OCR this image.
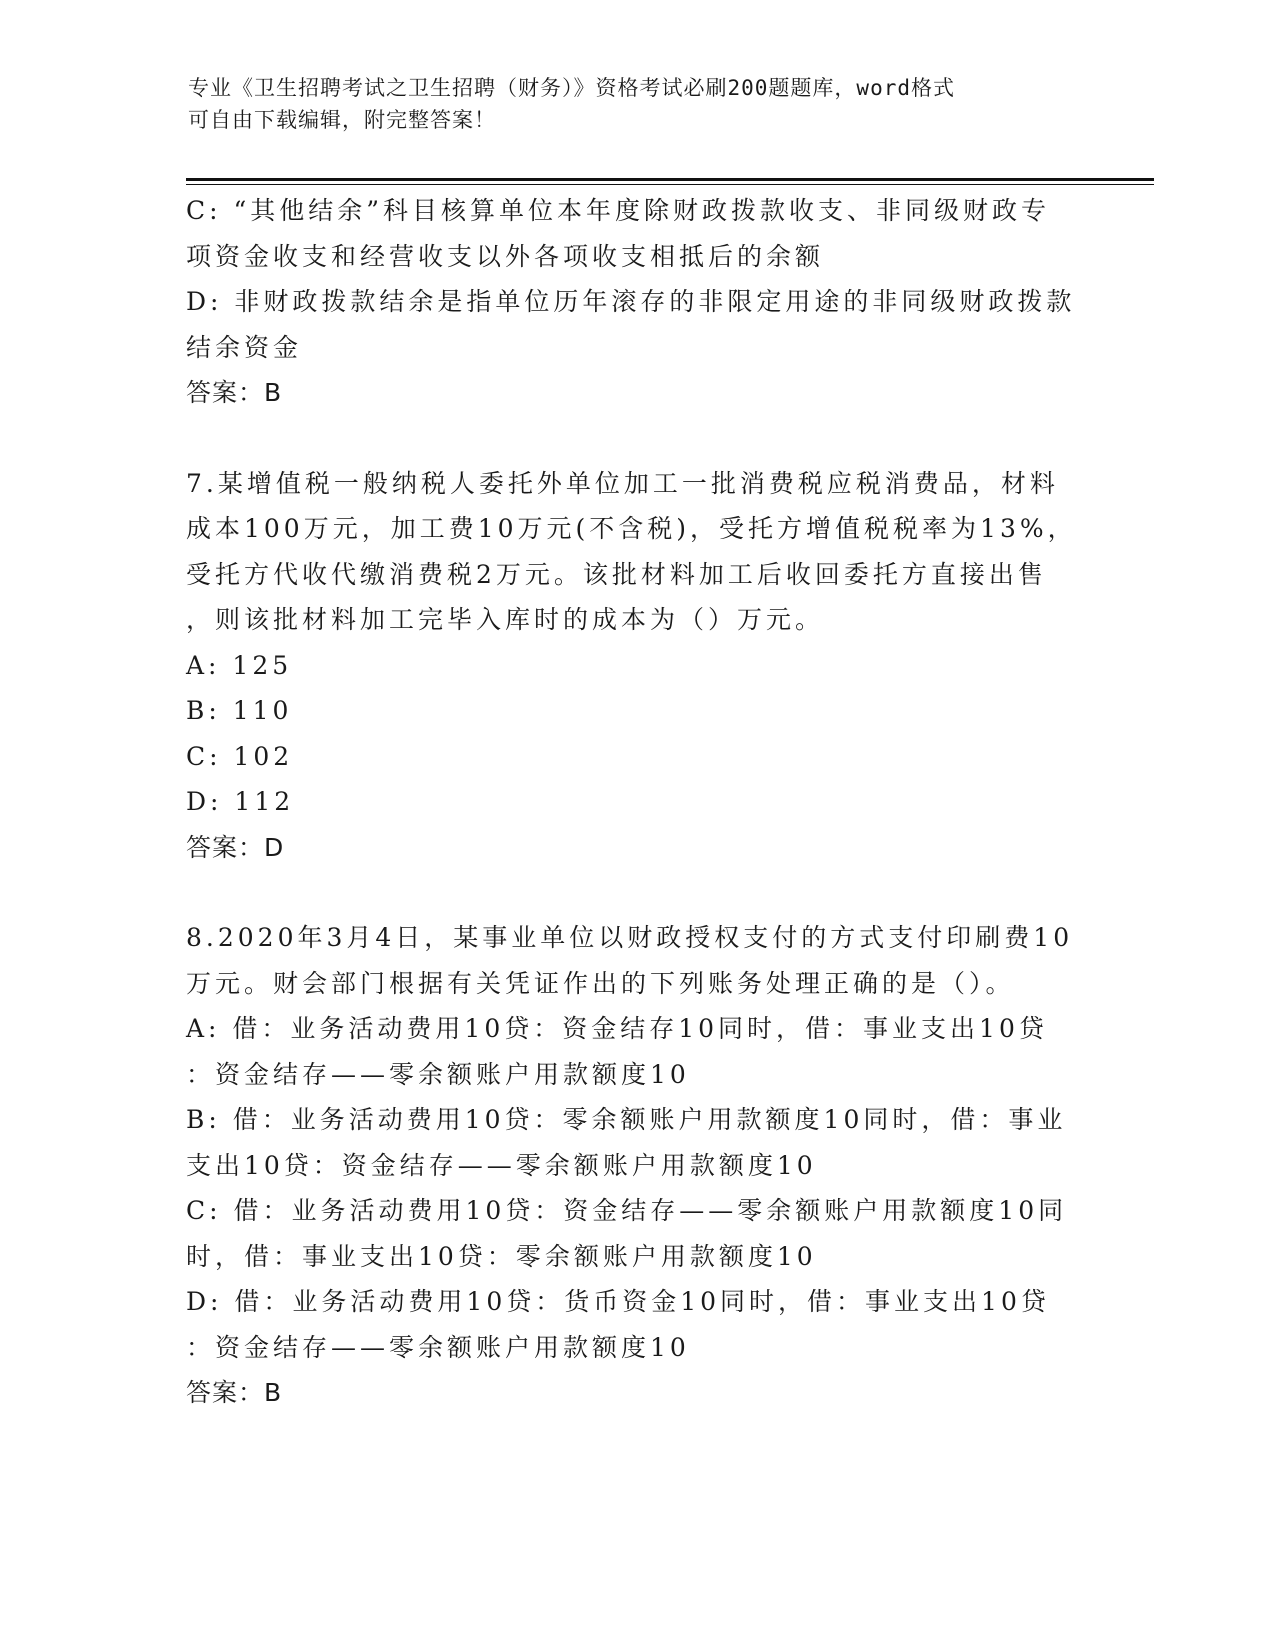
专业《卫生招聘考试之卫生招聘（财务）》资格考试必刷200题题库，word格式
可自由下载编辑，附完整答案！
C: “其他结余”科目核算单位本年度除财政拨款收支、非同级财政专
项资金收支和经营收支以外各项收支相抵后的余额
D: 非财政拨款结余是指单位历年滚存的非限定用途的非同级财政拨款
结余资金
答案：B
7.某增值税一般纳税人委托外单位加工一批消费税应税消费品，材料
成本100万元，加工费10万元(不含税)，受托方增值税税率为13%，
受托方代收代缴消费税2万元。该批材料加工后收回委托方直接出售
，则该批材料加工完毕入库时的成本为（）万元。
A: 125
B: 110
C: 102
D: 112
答案：D
8.2020年3月4日，某事业单位以财政授权支付的方式支付印刷费10
万元。财会部门根据有关凭证作出的下列账务处理正确的是（）。
A: 借：业务活动费用10贷：资金结存10同时，借：事业支出10贷
：资金结存——零余额账户用款额度10
B: 借：业务活动费用10贷：零余额账户用款额度10同时，借：事业
支出10贷：资金结存——零余额账户用款额度10
C: 借：业务活动费用10贷：资金结存——零余额账户用款额度10同
时，借：事业支出10贷：零余额账户用款额度10
D: 借：业务活动费用10贷：货币资金10同时，借：事业支出10贷
：资金结存——零余额账户用款额度10
答案：B
